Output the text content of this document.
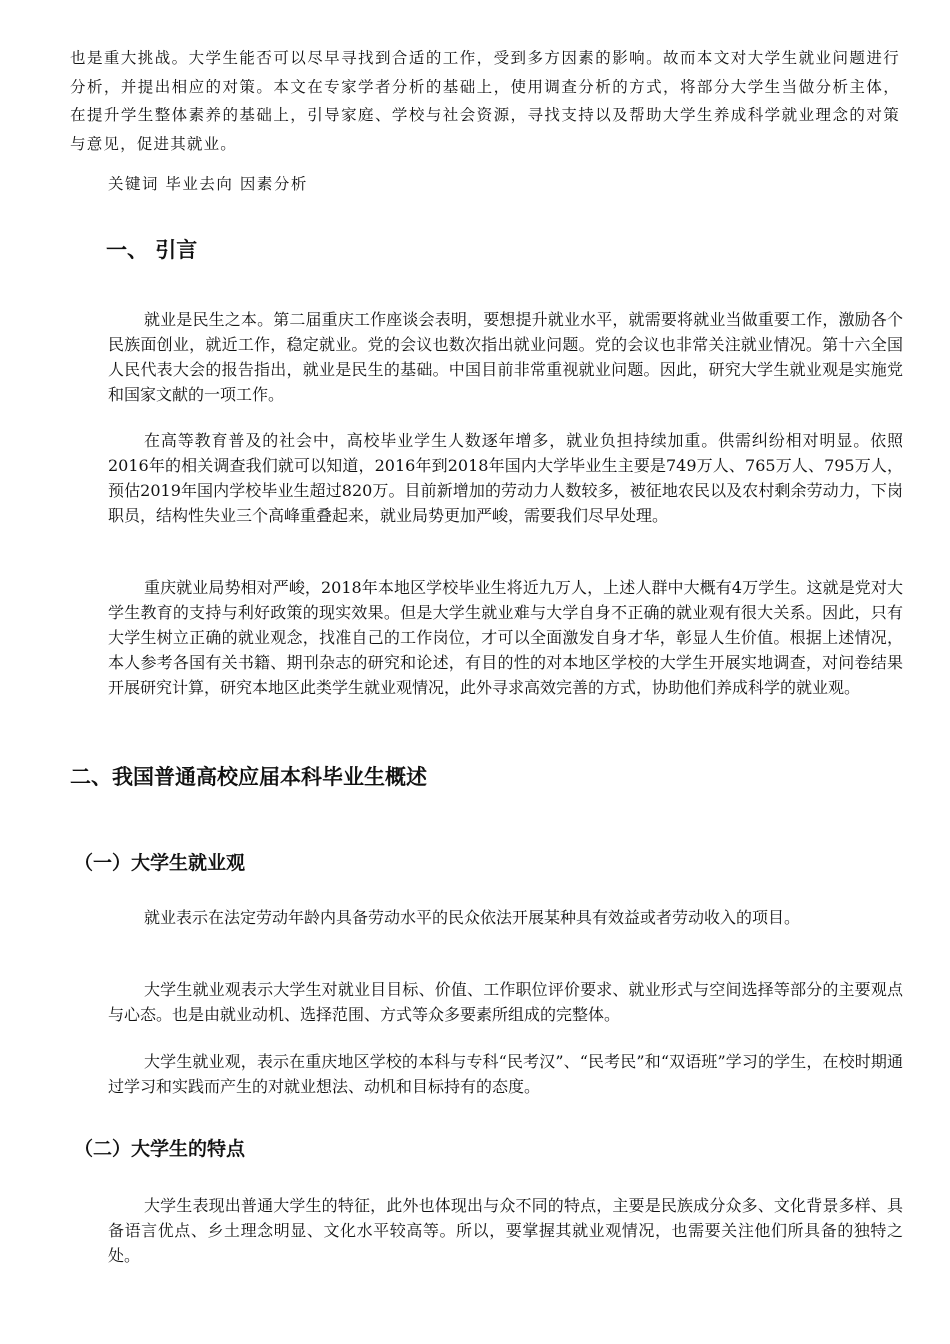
也是重大挑战。大学生能否可以尽早寻找到合适的工作，受到多方因素的影响。故而本文对大学生就业问题进行分析，并提出相应的对策。本文在专家学者分析的基础上，使用调查分析的方式，将部分大学生当做分析主体，在提升学生整体素养的基础上，引导家庭、学校与社会资源，寻找支持以及帮助大学生养成科学就业理念的对策与意见，促进其就业。

关键词 毕业去向 因素分析

一、 引言

就业是民生之本。第二届重庆工作座谈会表明，要想提升就业水平，就需要将就业当做重要工作，激励各个民族面创业，就近工作，稳定就业。党的会议也数次指出就业问题。党的会议也非常关注就业情况。第十六全国人民代表大会的报告指出，就业是民生的基础。中国目前非常重视就业问题。因此，研究大学生就业观是实施党和国家文献的一项工作。

在高等教育普及的社会中，高校毕业学生人数逐年增多，就业负担持续加重。供需纠纷相对明显。依照2016年的相关调查我们就可以知道，2016年到2018年国内大学毕业生主要是749万人、765万人、795万人，预估2019年国内学校毕业生超过820万。目前新增加的劳动力人数较多，被征地农民以及农村剩余劳动力，下岗职员，结构性失业三个高峰重叠起来，就业局势更加严峻，需要我们尽早处理。

重庆就业局势相对严峻，2018年本地区学校毕业生将近九万人，上述人群中大概有4万学生。这就是党对大学生教育的支持与利好政策的现实效果。但是大学生就业难与大学自身不正确的就业观有很大关系。因此，只有大学生树立正确的就业观念，找准自己的工作岗位，才可以全面激发自身才华，彰显人生价值。根据上述情况，本人参考各国有关书籍、期刊杂志的研究和论述，有目的性的对本地区学校的大学生开展实地调查，对问卷结果开展研究计算，研究本地区此类学生就业观情况，此外寻求高效完善的方式，协助他们养成科学的就业观。

二、我国普通高校应届本科毕业生概述
（一）大学生就业观

就业表示在法定劳动年龄内具备劳动水平的民众依法开展某种具有效益或者劳动收入的项目。

大学生就业观表示大学生对就业目目标、价值、工作职位评价要求、就业形式与空间选择等部分的主要观点与心态。也是由就业动机、选择范围、方式等众多要素所组成的完整体。

大学生就业观，表示在重庆地区学校的本科与专科“民考汉”、“民考民”和“双语班”学习的学生，在校时期通过学习和实践而产生的对就业想法、动机和目标持有的态度。

（二）大学生的特点

大学生表现出普通大学生的特征，此外也体现出与众不同的特点，主要是民族成分众多、文化背景多样、具备语言优点、乡土理念明显、文化水平较高等。所以，要掌握其就业观情况，也需要关注他们所具备的独特之处。
